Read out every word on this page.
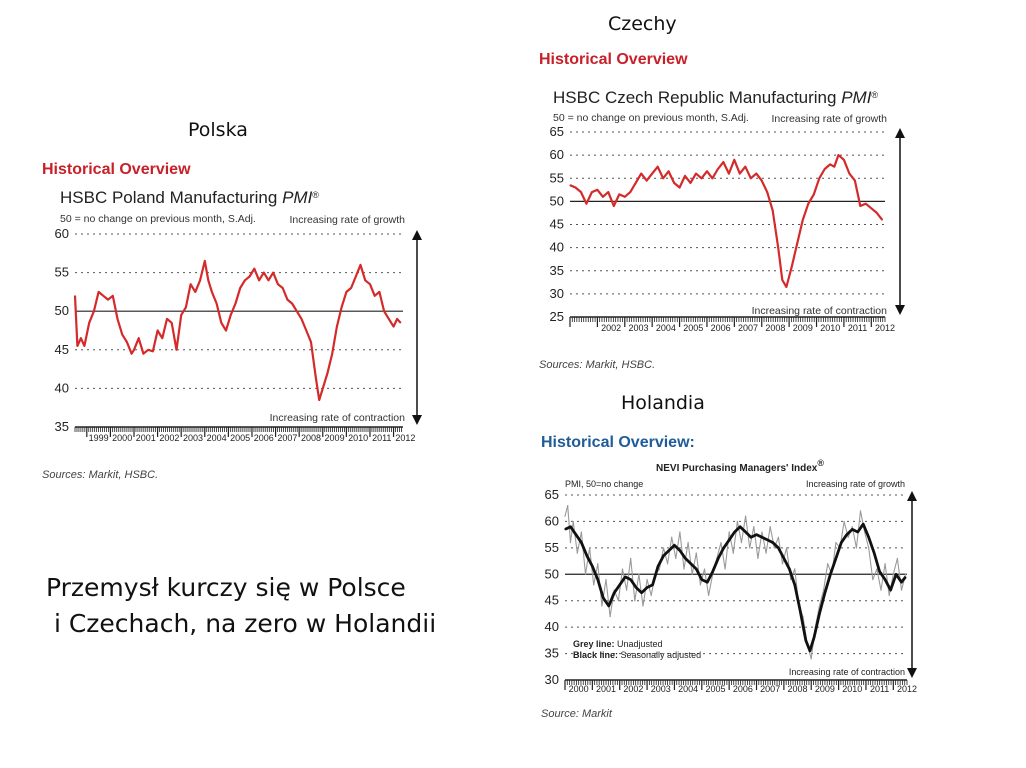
Czechy
Polska
Holandia
Historical Overview
HSBC Poland Manufacturing PMI®
50 = no change on previous month, S.Adj.	Increasing rate of growth
Increasing rate of contraction
35
40
45
50
55
60
1999 2000 2001 2002 2003 2004 2005 2006 2007 2008 2009 2010 2011 2012
Sources: Markit, HSBC.
Historical Overview
HSBC Czech Republic Manufacturing PMI®
50 = no change on previous month, S.Adj. Increasing rate of growth
Increasing rate of contraction
25
30
35
40
45
50
55
60
65
2002 2003 2004 2005 2006 2007 2008 2009 2010 2011 2012
Sources: Markit, HSBC.
Historical Overview:
NEVI Purchasing Managers' Index®
PMI, 50=no change	Increasing rate of growth
Increasing rate of contraction
30
35
40
45
50
55
60
65
2000 2001 2002 2003 2004 2005 2006 2007 2008 2009 2010 2011 2012
Source: Markit
Grey line: Unadjusted
Black line: Seasonally adjusted
Przemysł kurczy się w Polsce
i Czechach, na zero w Holandii
